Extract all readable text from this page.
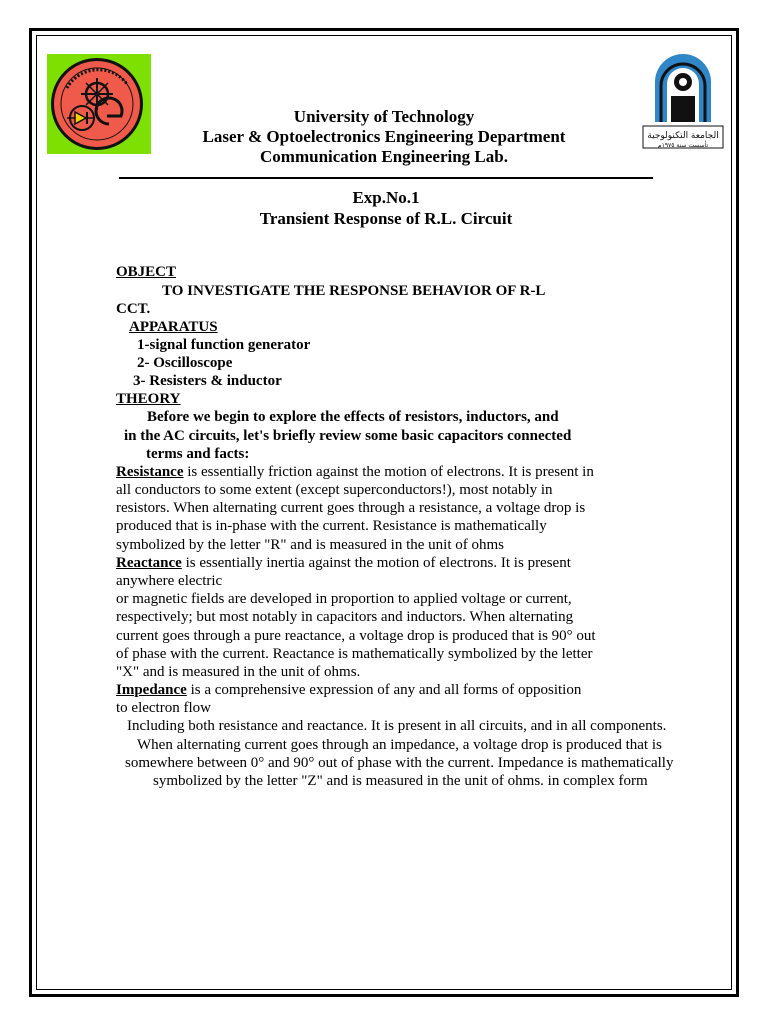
الجامعة التكنولوجية
تأسست سنة ١٩٧٥م
University of Technology
Laser & Optoelectronics Engineering Department
Communication Engineering Lab.
Exp.No.1
Transient Response of R.L. Circuit
OBJECT
TO INVESTIGATE THE RESPONSE BEHAVIOR OF R-L
CCT.
APPARATUS
1-signal function generator
2- Oscilloscope
3- Resisters & inductor
THEORY
Before we begin to explore the effects of resistors, inductors, and
in the AC circuits, let's briefly review some basic capacitors connected
terms and facts:
Resistance is essentially friction against the motion of electrons. It is present in
all conductors to some extent (except superconductors!), most notably in
resistors. When alternating current goes through a resistance, a voltage drop is
produced that is in-phase with the current. Resistance is mathematically
symbolized by the letter "R" and is measured in the unit of ohms
Reactance is essentially inertia against the motion of electrons. It is present
anywhere electric
or magnetic fields are developed in proportion to applied voltage or current,
respectively; but most notably in capacitors and inductors. When alternating
current goes through a pure reactance, a voltage drop is produced that is 90° out
of phase with the current. Reactance is mathematically symbolized by the letter
"X" and is measured in the unit of ohms.
Impedance is a comprehensive expression of any and all forms of opposition
to electron flow
Including both resistance and reactance. It is present in all circuits, and in all components.
When alternating current goes through an impedance, a voltage drop is produced that is
somewhere between 0° and 90° out of phase with the current. Impedance is mathematically
symbolized by the letter "Z" and is measured in the unit of ohms. in complex form
